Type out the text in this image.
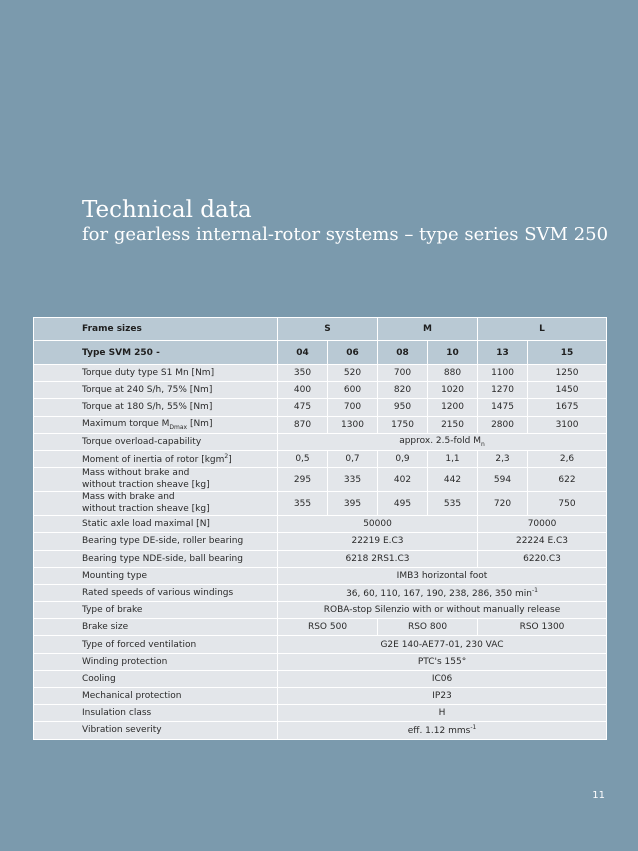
Technical data
for gearless internal-rotor systems – type series SVM 250
Frame sizes	S		M		L	
Type SVM 250 -	04	06	08	10	13	15
Torque duty type S1 Mn [Nm]	350	520	700	880	1100	1250
Torque at 240 S/h, 75% [Nm]	400	600	820	1020	1270	1450
Torque at 180 S/h, 55% [Nm]	475	700	950	1200	1475	1675
Maximum torque $M_{Dmax}$ [Nm]	870	1300	1750	2150	2800	3100
Torque overload-capability	approx. 2.5-fold $M_n$
Moment of inertia of rotor [kgm$^2$]	0,5	0,7	0,9	1,1	2,3	2,6
Mass without brake and
without traction sheave [kg]	295	335	402	442	594	622
Mass with brake and
without traction sheave [kg]	355	395	495	535	720	750
Static axle load maximal [N]	50000				70000	
Bearing type DE-side, roller bearing	22219 E.C3				22224 E.C3	
Bearing type NDE-side, ball bearing	6218 2RS1.C3				6220.C3	
Mounting type	IMB3 horizontal foot					
Rated speeds of various windings	36, 60, 110, 167, 190, 238, 286, 350 $\min^{-1}$
Type of brake	ROBA-stop Silenzio with or without manually release					
Brake size	RSO 500		RSO 800		RSO 1300	
Type of forced ventilation	G2E 140-AE77-01, 230 VAC					
Winding protection	PTC's 155°					
Cooling	IC06					
Mechanical protection	IP23					
Insulation class	H					
Vibration severity	eff. 1.12 mms$^{-1}$
11
